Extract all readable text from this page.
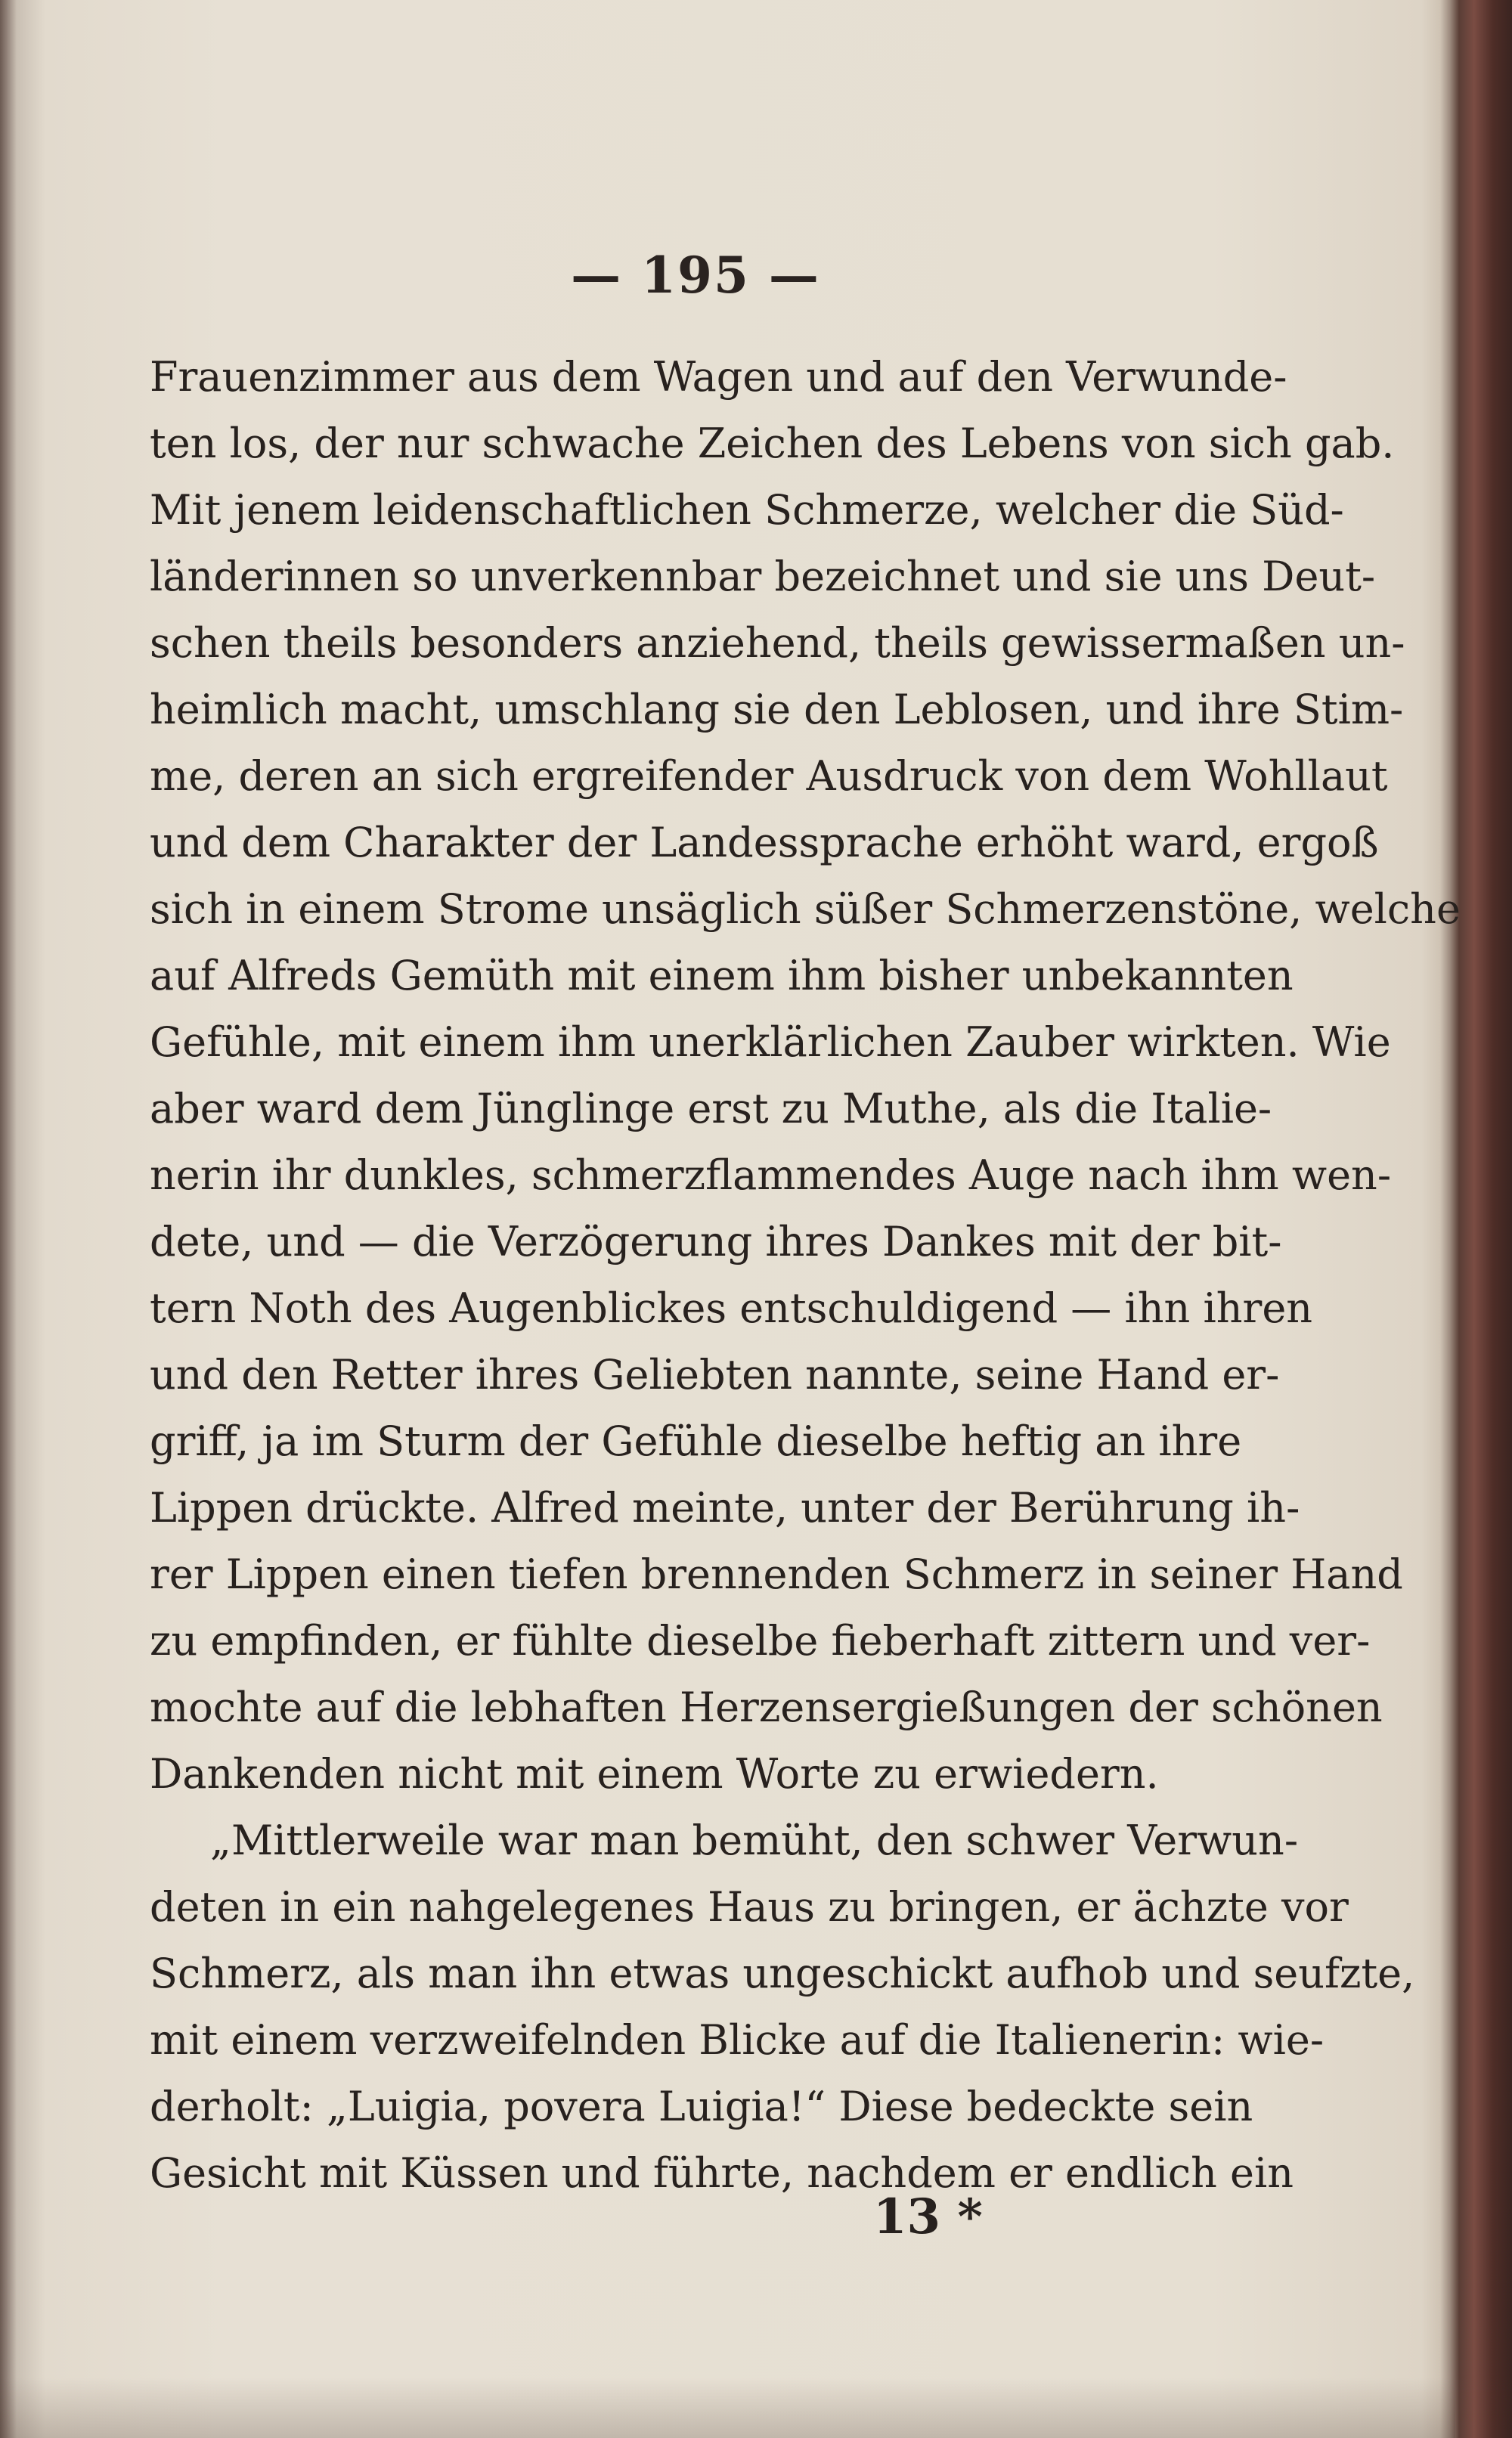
— 195 —
Frauenzimmer aus dem Wagen und auf den Verwunde-
ten los, der nur schwache Zeichen des Lebens von sich gab.
Mit jenem leidenschaftlichen Schmerze, welcher die Süd-
länderinnen so unverkennbar bezeichnet und sie uns Deut-
schen theils besonders anziehend, theils gewissermaßen un-
heimlich macht, umschlang sie den Leblosen, und ihre Stim-
me, deren an sich ergreifender Ausdruck von dem Wohllaut
und dem Charakter der Landessprache erhöht ward, ergoß
sich in einem Strome unsäglich süßer Schmerzenstöne, welche
auf Alfreds Gemüth mit einem ihm bisher unbekannten
Gefühle, mit einem ihm unerklärlichen Zauber wirkten. Wie
aber ward dem Jünglinge erst zu Muthe, als die Italie-
nerin ihr dunkles, schmerzflammendes Auge nach ihm wen-
dete, und — die Verzögerung ihres Dankes mit der bit-
tern Noth des Augenblickes entschuldigend — ihn ihren
und den Retter ihres Geliebten nannte, seine Hand er-
griff, ja im Sturm der Gefühle dieselbe heftig an ihre
Lippen drückte. Alfred meinte, unter der Berührung ih-
rer Lippen einen tiefen brennenden Schmerz in seiner Hand
zu empfinden, er fühlte dieselbe fieberhaft zittern und ver-
mochte auf die lebhaften Herzensergießungen der schönen
Dankenden nicht mit einem Worte zu erwiedern.
„Mittlerweile war man bemüht, den schwer Verwun-
deten in ein nahgelegenes Haus zu bringen, er ächzte vor
Schmerz, als man ihn etwas ungeschickt aufhob und seufzte,
mit einem verzweifelnden Blicke auf die Italienerin: wie-
derholt: „Luigia, povera Luigia!“ Diese bedeckte sein
Gesicht mit Küssen und führte, nachdem er endlich ein
13 *
